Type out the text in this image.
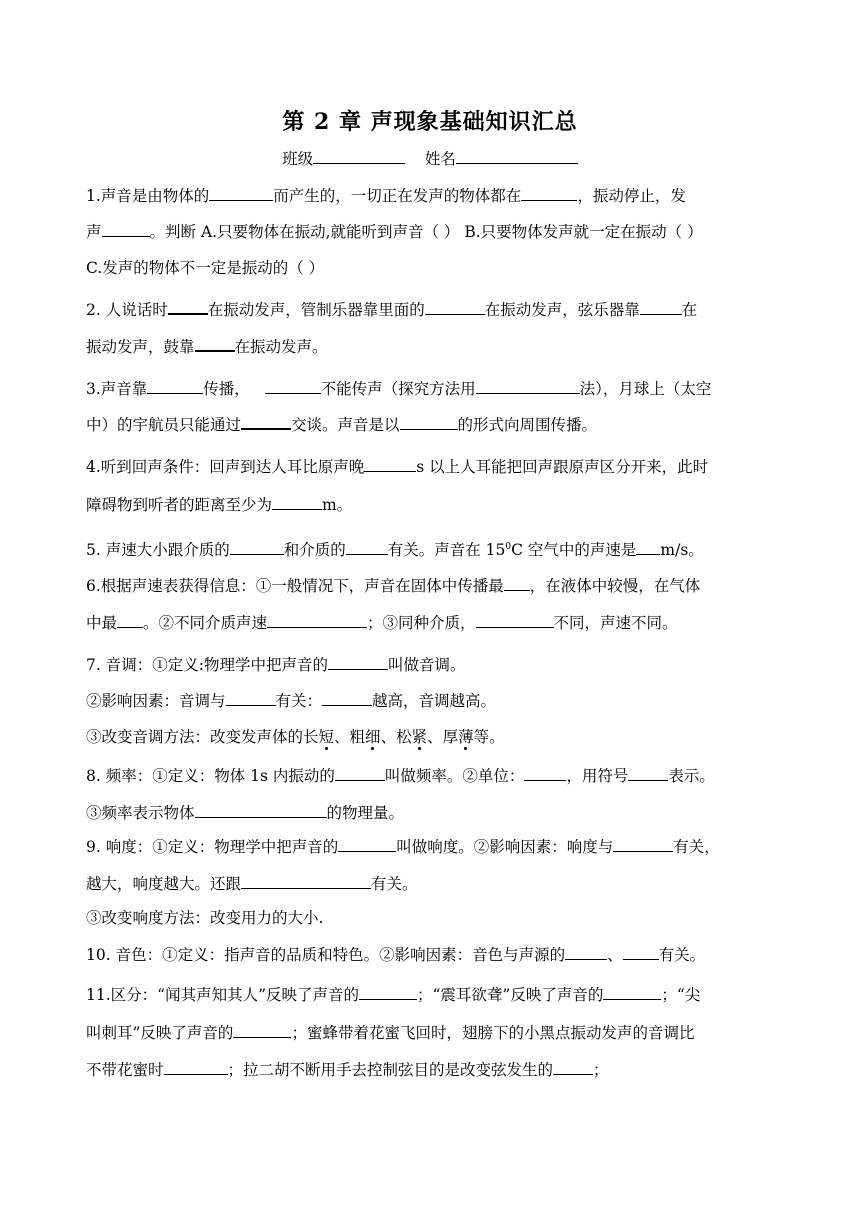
第 2 章 声现象基础知识汇总
班级	姓名
1.声音是由物体的	而产生的，一切正在发声的物体都在	，振动停止，发
声	。判断 A.只要物体在振动,就能听到声音（ ） B.只要物体发声就一定在振动（ ）
C.发声的物体不一定是振动的（ ）
2. 人说话时	在振动发声，管制乐器靠里面的	在振动发声，弦乐器靠	在
振动发声，鼓靠	在振动发声。
3.声音靠	传播，	不能传声（探究方法用	法），月球上（太空
中）的宇航员只能通过	交谈。声音是以	的形式向周围传播。
4.听到回声条件：回声到达人耳比原声晚	s 以上人耳能把回声跟原声区分开来，此时
障碍物到听者的距离至少为	m。
5. 声速大小跟介质的	和介质的	有关。声音在 $15^0C$ 空气中的声速是 m/s。
6.根据声速表获得信息：①一般情况下，声音在固体中传播最 ，在液体中较慢，在气体
中最 。②不同介质声速	；③同种介质，	不同，声速不同。
7. 音调：①定义:物理学中把声音的	叫做音调。
②影响因素：音调与	有关：	越高，音调越高。
③改变音调方法：改变发声体的长短、粗细、松紧、厚薄等。
8. 频率：①定义：物体 1s 内振动的	叫做频率。②单位：	，用符号	表示。
③频率表示物体	的物理量。
9. 响度：①定义：物理学中把声音的	叫做响度。②影响因素：响度与	有关，
越大，响度越大。还跟	有关。
③改变响度方法：改变用力的大小.
10. 音色：①定义：指声音的品质和特色。②影响因素：音色与声源的	、 有关。
11.区分：“闻其声知其人”反映了声音的	；“震耳欲聋”反映了声音的	；“尖
叫刺耳”反映了声音的	；蜜蜂带着花蜜飞回时，翅膀下的小黑点振动发声的音调比
不带花蜜时	；拉二胡不断用手去控制弦目的是改变弦发生的	；
